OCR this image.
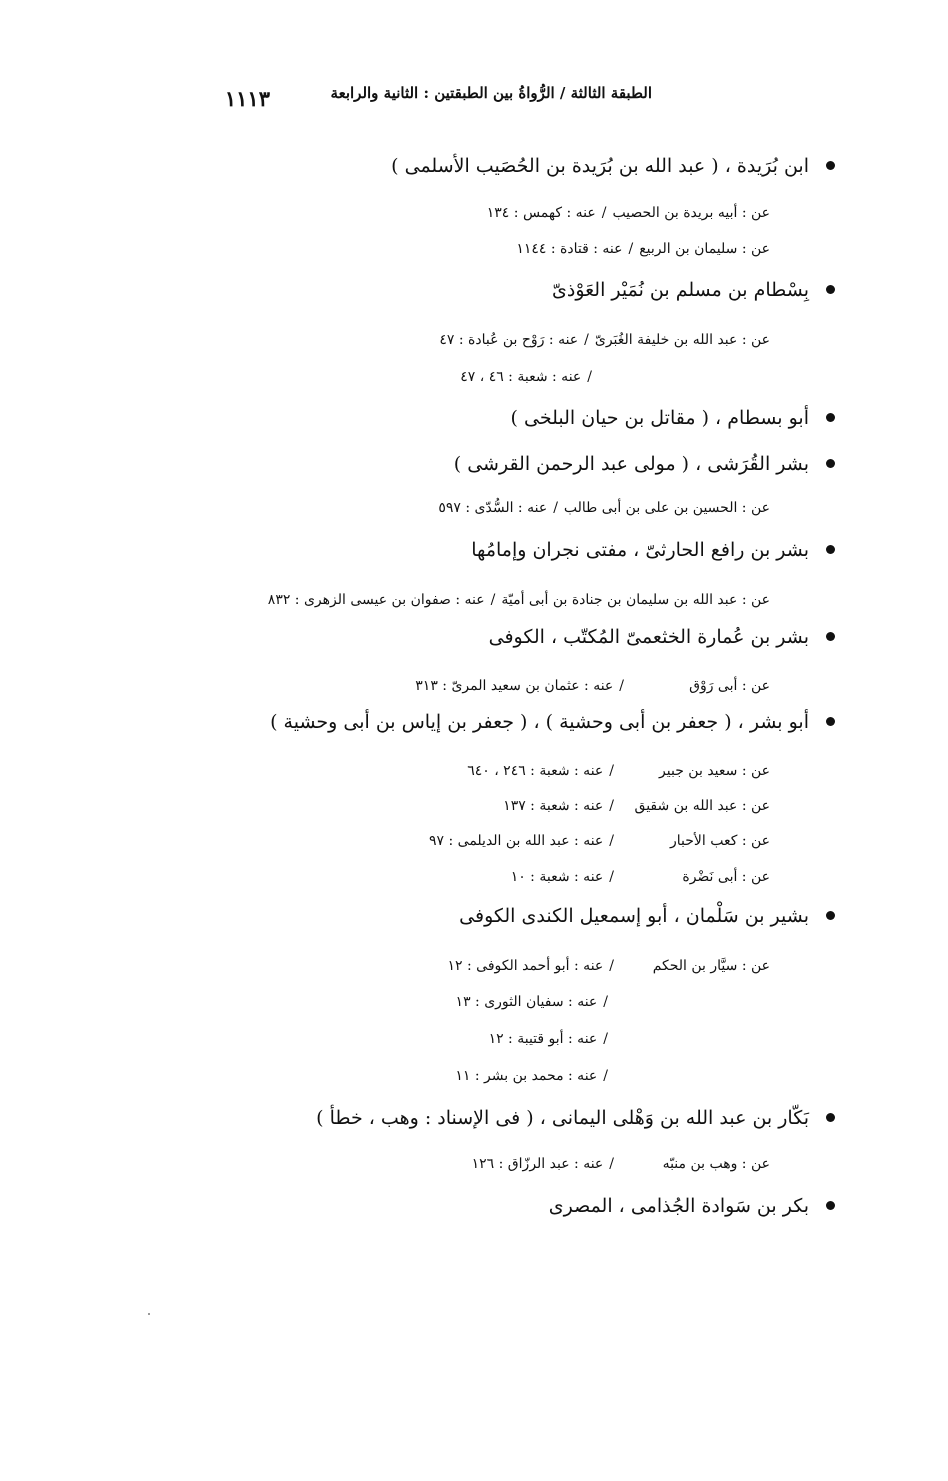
الطبقة الثالثة / الرُّواةُ بين الطبقتين : الثانية والرابعة
١١١٣
ابن بُرَيدة ، ( عبد الله بن بُرَيدة بن الحُصَيب الأسلمى )
عن : أبيه بريدة بن الحصيب/عنه : كهمس : ١٣٤
عن : سليمان بن الربيع/عنه : قتادة : ١١٤٤
بِسْطام بن مسلم بن نُمَيْر العَوْذىّ
عن : عبد الله بن خليفة الغُبَرىّ/عنه : رَوْح بن عُبادة : ٤٧
/عنه : شعبة : ٤٦ ، ٤٧
أبو بسطام ، ( مقاتل بن حيان البلخى )
بشر القُرَشى ، ( مولى عبد الرحمن القرشى )
عن : الحسين بن على بن أبى طالب/عنه : السُّدّى : ٥٩٧
بشر بن رافع الحارثىّ ، مفتى نجران وإمامُها
عن : عبد الله بن سليمان بن جنادة بن أبى أميّة/عنه : صفوان بن عيسى الزهرى : ٨٣٢
بشر بن عُمارة الخثعمىّ المُكتّب ، الكوفى
عن : أبى رَوْق/عنه : عثمان بن سعيد المرىّ : ٣١٣
أبو بشر ، ( جعفر بن أبى وحشية ) ، ( جعفر بن إياس بن أبى وحشية )
عن : سعيد بن جبير/عنه : شعبة : ٢٤٦ ، ٦٤٠
عن : عبد الله بن شقيق/عنه : شعبة : ١٣٧
عن : كعب الأحبار/عنه : عبد الله بن الديلمى : ٩٧
عن : أبى نَضْرة/عنه : شعبة : ١٠
بشير بن سَلْمان ، أبو إسمعيل الكندى الكوفى
عن : سيَّار بن الحكم/عنه : أبو أحمد الكوفى : ١٢
/عنه : سفيان الثورى : ١٣
/عنه : أبو قتيبة : ١٢
/عنه : محمد بن بشر : ١١
بَكّار بن عبد الله بن وَهْلى اليمانى ، ( فى الإسناد : وهب ، خطأ )
عن : وهب بن منبّه/عنه : عبد الرزّاق : ١٢٦
بكر بن سَوادة الجُذامى ، المصرى
